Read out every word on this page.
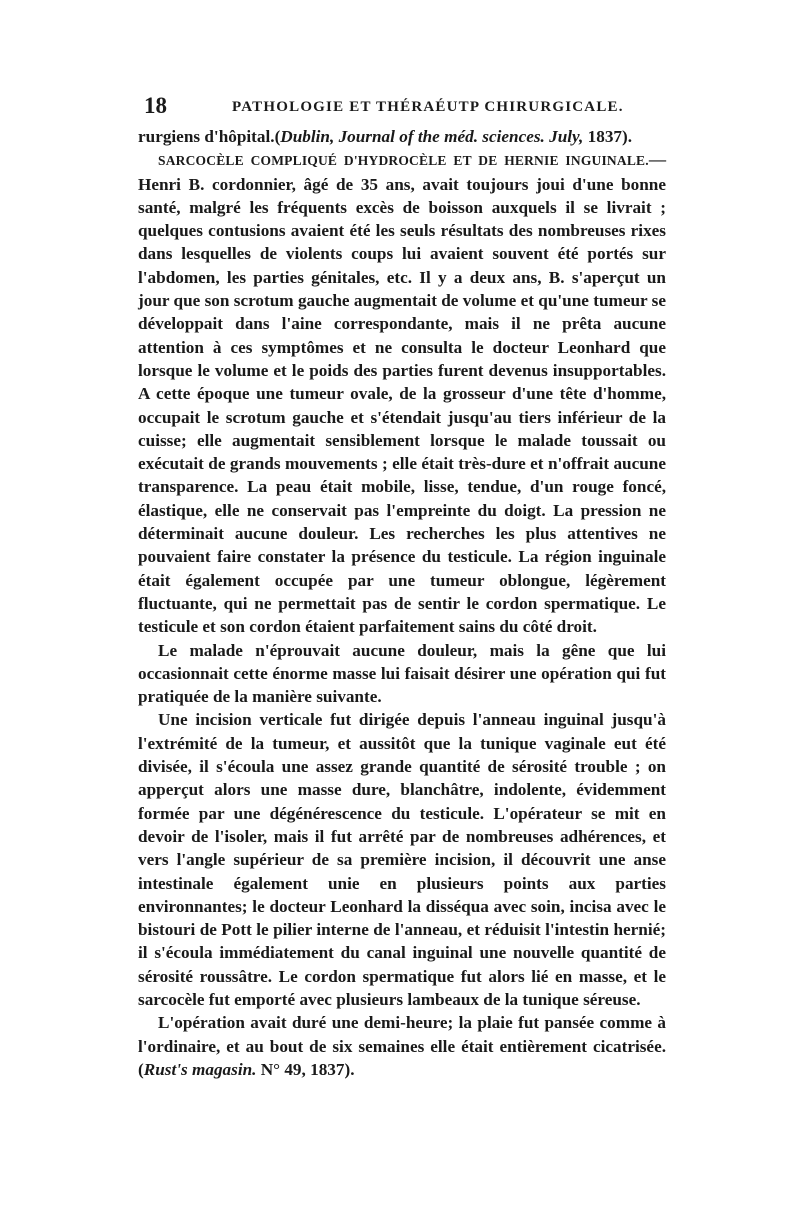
18	PATHOLOGIE ET THÉRAÉUTP CHIRURGICALE.

rurgiens d'hôpital.(Dublin, Journal of the méd. sciences. July, 1837).

SARCOCÈLE COMPLIQUÉ D'HYDROCÈLE ET DE HERNIE INGUINALE.—Henri B. cordonnier, âgé de 35 ans, avait toujours joui d'une bonne santé, malgré les fréquents excès de boisson auxquels il se livrait ; quelques contusions avaient été les seuls résultats des nombreuses rixes dans lesquelles de violents coups lui avaient souvent été portés sur l'abdomen, les parties génitales, etc. Il y a deux ans, B. s'aperçut un jour que son scrotum gauche augmentait de volume et qu'une tumeur se développait dans l'aine correspondante, mais il ne prêta aucune attention à ces symptômes et ne consulta le docteur Leonhard que lorsque le volume et le poids des parties furent devenus insupportables. A cette époque une tumeur ovale, de la grosseur d'une tête d'homme, occupait le scrotum gauche et s'étendait jusqu'au tiers inférieur de la cuisse; elle augmentait sensiblement lorsque le malade toussait ou exécutait de grands mouvements ; elle était très-dure et n'offrait aucune transparence. La peau était mobile, lisse, tendue, d'un rouge foncé, élastique, elle ne conservait pas l'empreinte du doigt. La pression ne déterminait aucune douleur. Les recherches les plus attentives ne pouvaient faire constater la présence du testicule. La région inguinale était également occupée par une tumeur oblongue, légèrement fluctuante, qui ne permettait pas de sentir le cordon spermatique. Le testicule et son cordon étaient parfaitement sains du côté droit.

Le malade n'éprouvait aucune douleur, mais la gêne que lui occasionnait cette énorme masse lui faisait désirer une opération qui fut pratiquée de la manière suivante.

Une incision verticale fut dirigée depuis l'anneau inguinal jusqu'à l'extrémité de la tumeur, et aussitôt que la tunique vaginale eut été divisée, il s'écoula une assez grande quantité de sérosité trouble ; on apperçut alors une masse dure, blanchâtre, indolente, évidemment formée par une dégénérescence du testicule. L'opérateur se mit en devoir de l'isoler, mais il fut arrêté par de nombreuses adhérences, et vers l'angle supérieur de sa première incision, il découvrit une anse intestinale également unie en plusieurs points aux parties environnantes; le docteur Leonhard la disséqua avec soin, incisa avec le bistouri de Pott le pilier interne de l'anneau, et réduisit l'intestin hernié; il s'écoula immédiatement du canal inguinal une nouvelle quantité de sérosité roussâtre. Le cordon spermatique fut alors lié en masse, et le sarcocèle fut emporté avec plusieurs lambeaux de la tunique séreuse.

L'opération avait duré une demi-heure; la plaie fut pansée comme à l'ordinaire, et au bout de six semaines elle était entièrement cicatrisée. (Rust's magasin. N° 49, 1837).
